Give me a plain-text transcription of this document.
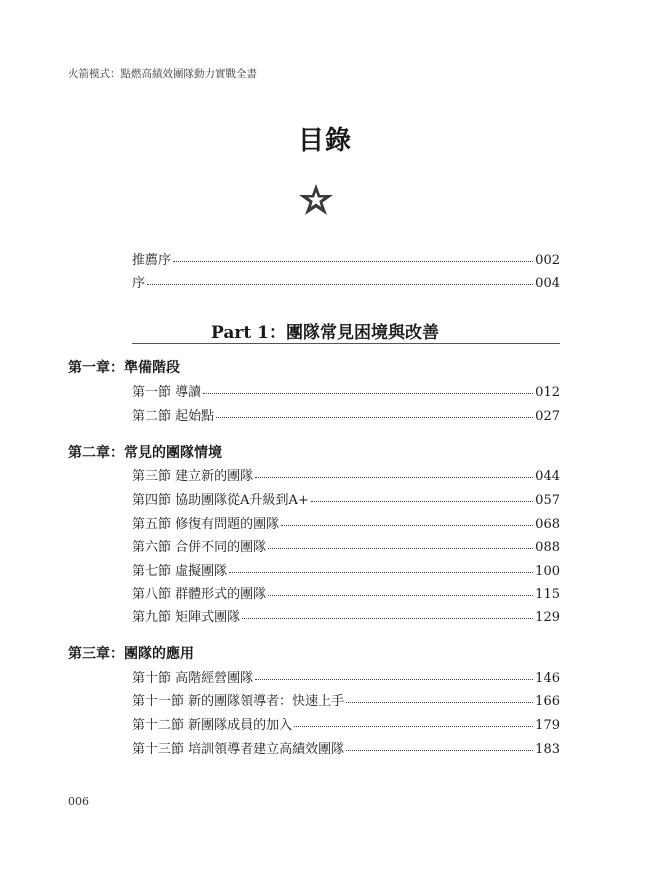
火箭模式：點燃高績效團隊動力實戰全書
目錄
推薦序	002
序	004
Part 1：團隊常見困境與改善
第一章：準備階段
第一節 導讀	012
第二節 起始點	027
第二章：常見的團隊情境
第三節 建立新的團隊	044
第四節 協助團隊從A升級到A+	057
第五節 修復有問題的團隊	068
第六節 合併不同的團隊	088
第七節 虛擬團隊	100
第八節 群體形式的團隊	115
第九節 矩陣式團隊	129
第三章：團隊的應用
第十節 高階經營團隊	146
第十一節 新的團隊領導者：快速上手	166
第十二節 新團隊成員的加入	179
第十三節 培訓領導者建立高績效團隊	183
006
